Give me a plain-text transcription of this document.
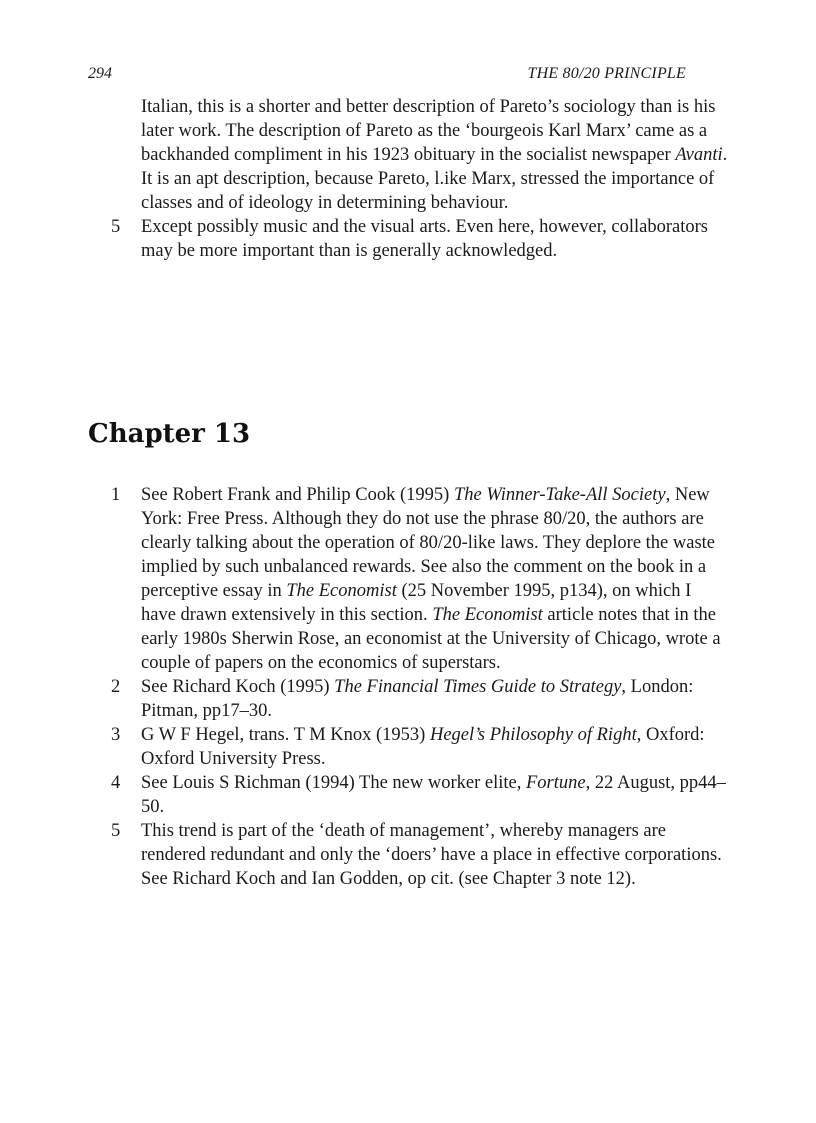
294	THE 80/20 PRINCIPLE
Italian, this is a shorter and better description of Pareto’s sociology than is his later work. The description of Pareto as the ‘bourgeois Karl Marx’ came as a backhanded compliment in his 1923 obituary in the socialist newspaper Avanti. It is an apt description, because Pareto, l.ike Marx, stressed the importance of classes and of ideology in determining behaviour.
5 Except possibly music and the visual arts. Even here, however, collaborators may be more important than is generally acknowledged.
Chapter 13
1 See Robert Frank and Philip Cook (1995) The Winner-Take-All Society, New York: Free Press. Although they do not use the phrase 80/20, the authors are clearly talking about the operation of 80/20-like laws. They deplore the waste implied by such unbalanced rewards. See also the comment on the book in a perceptive essay in The Economist (25 November 1995, p134), on which I have drawn extensively in this section. The Economist article notes that in the early 1980s Sherwin Rose, an economist at the University of Chicago, wrote a couple of papers on the economics of superstars.
2 See Richard Koch (1995) The Financial Times Guide to Strategy, London: Pitman, pp17–30.
3 G W F Hegel, trans. T M Knox (1953) Hegel’s Philosophy of Right, Oxford: Oxford University Press.
4 See Louis S Richman (1994) The new worker elite, Fortune, 22 August, pp44– 50.
5 This trend is part of the ‘death of management’, whereby managers are rendered redundant and only the ‘doers’ have a place in effective corporations. See Richard Koch and Ian Godden, op cit. (see Chapter 3 note 12).
